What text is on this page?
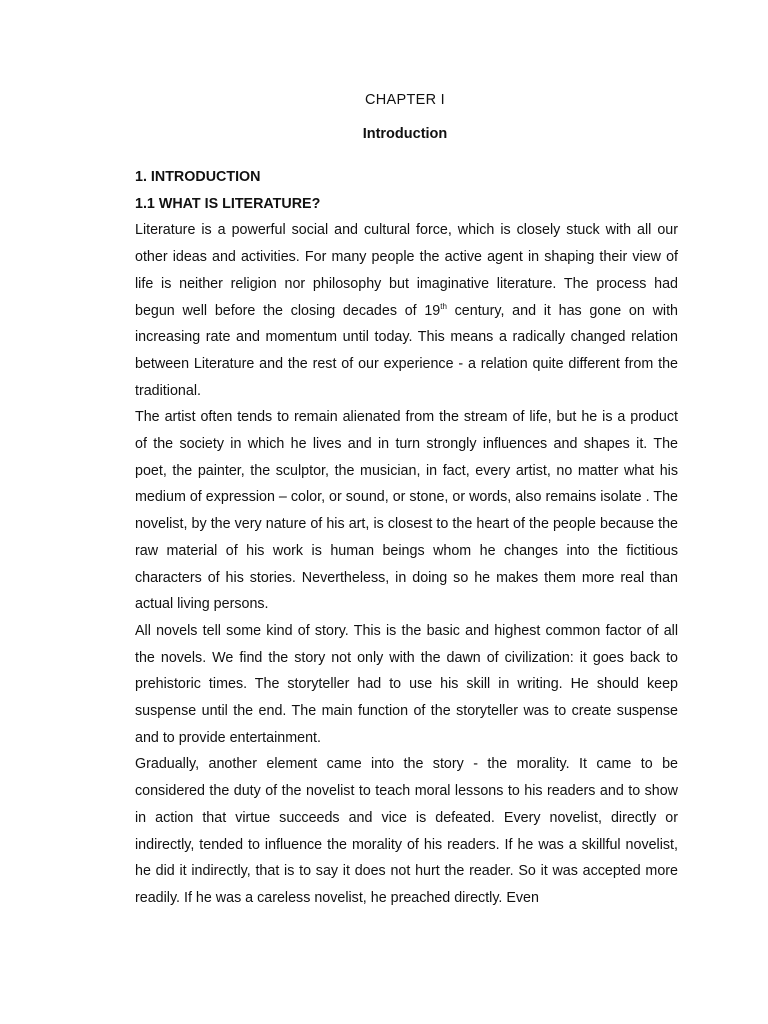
CHAPTER I
Introduction

1. INTRODUCTION

1.1 WHAT IS LITERATURE?

Literature is a powerful social and cultural force, which is closely stuck with all our other ideas and activities. For many people the active agent in shaping their view of life is neither religion nor philosophy but imaginative literature. The process had begun well before the closing decades of 19th century, and it has gone on with increasing rate and momentum until today. This means a radically changed relation between Literature and the rest of our experience - a relation quite different from the traditional.

The artist often tends to remain alienated from the stream of life, but he is a product of the society in which he lives and in turn strongly influences and shapes it. The poet, the painter, the sculptor, the musician, in fact, every artist, no matter what his medium of expression – color, or sound, or stone, or words, also remains isolate . The novelist, by the very nature of his art, is closest to the heart of the people because the raw material of his work is human beings whom he changes into the fictitious characters of his stories. Nevertheless, in doing so he makes them more real than actual living persons.

All novels tell some kind of story. This is the basic and highest common factor of all the novels. We find the story not only with the dawn of civilization: it goes back to prehistoric times. The storyteller had to use his skill in writing. He should keep suspense until the end. The main function of the storyteller was to create suspense and to provide entertainment.

Gradually, another element came into the story - the morality. It came to be considered the duty of the novelist to teach moral lessons to his readers and to show in action that virtue succeeds and vice is defeated. Every novelist, directly or indirectly, tended to influence the morality of his readers. If he was a skillful novelist, he did it indirectly, that is to say it does not hurt the reader. So it was accepted more readily. If he was a careless novelist, he preached directly. Even
